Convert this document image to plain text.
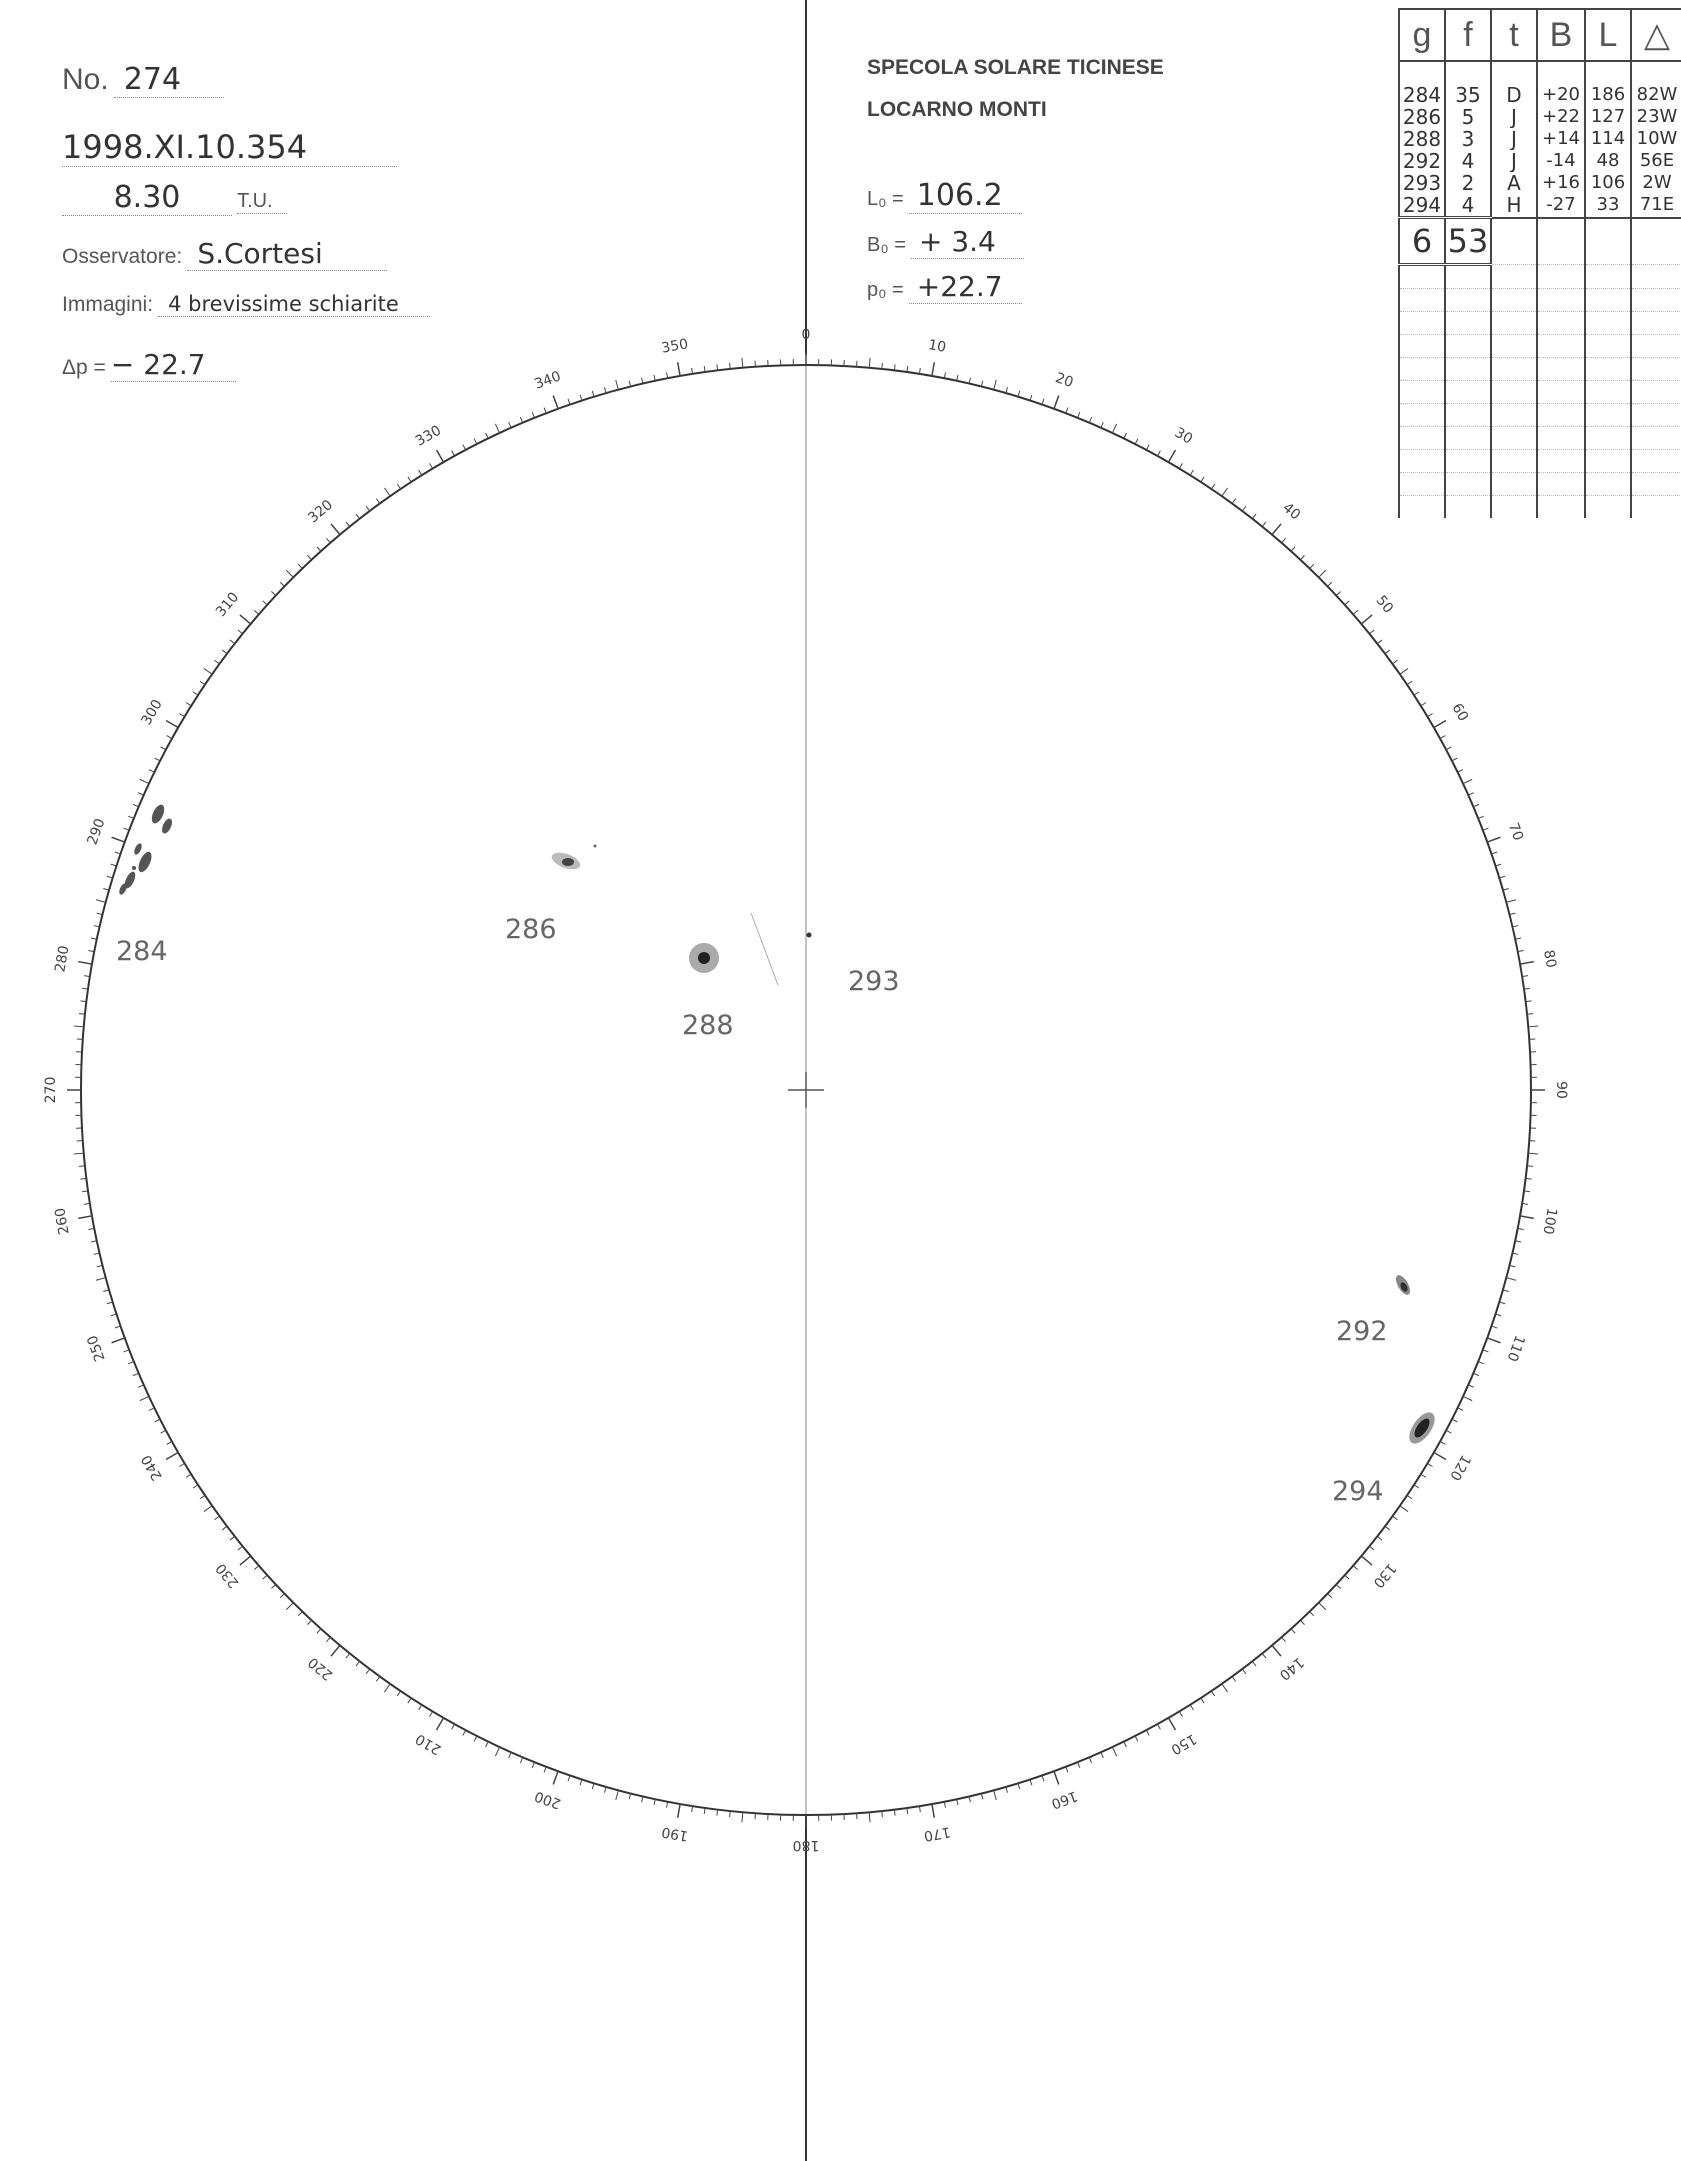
0
10
20
30
40
50
60
70
80
90
100
110
120
130
140
150
160
170
180
190
200
210
220
230
240
250
260
270
280
290
300
310
320
330
340
350
284
286
288
293
292
294
No. 274
1998.XI.10.354
8.30	T.U.
Osservatore: S.Cortesi
Immagini: 4 brevissime schiarite
Δp = − 22.7
SPECOLA SOLARE TICINESE
LOCARNO MONTI
L₀ = 106.2
B₀ = + 3.4
p₀ = +22.7
g	f	t	B	L	△

284	35	D	+20	186	82W
286	5	J	+22	127	23W
288	3	J	+14	114	10W
292	4	J	-14	48	56E
293	2	A	+16	106	2W
294	4	H	-27	33	71E
6	53				
